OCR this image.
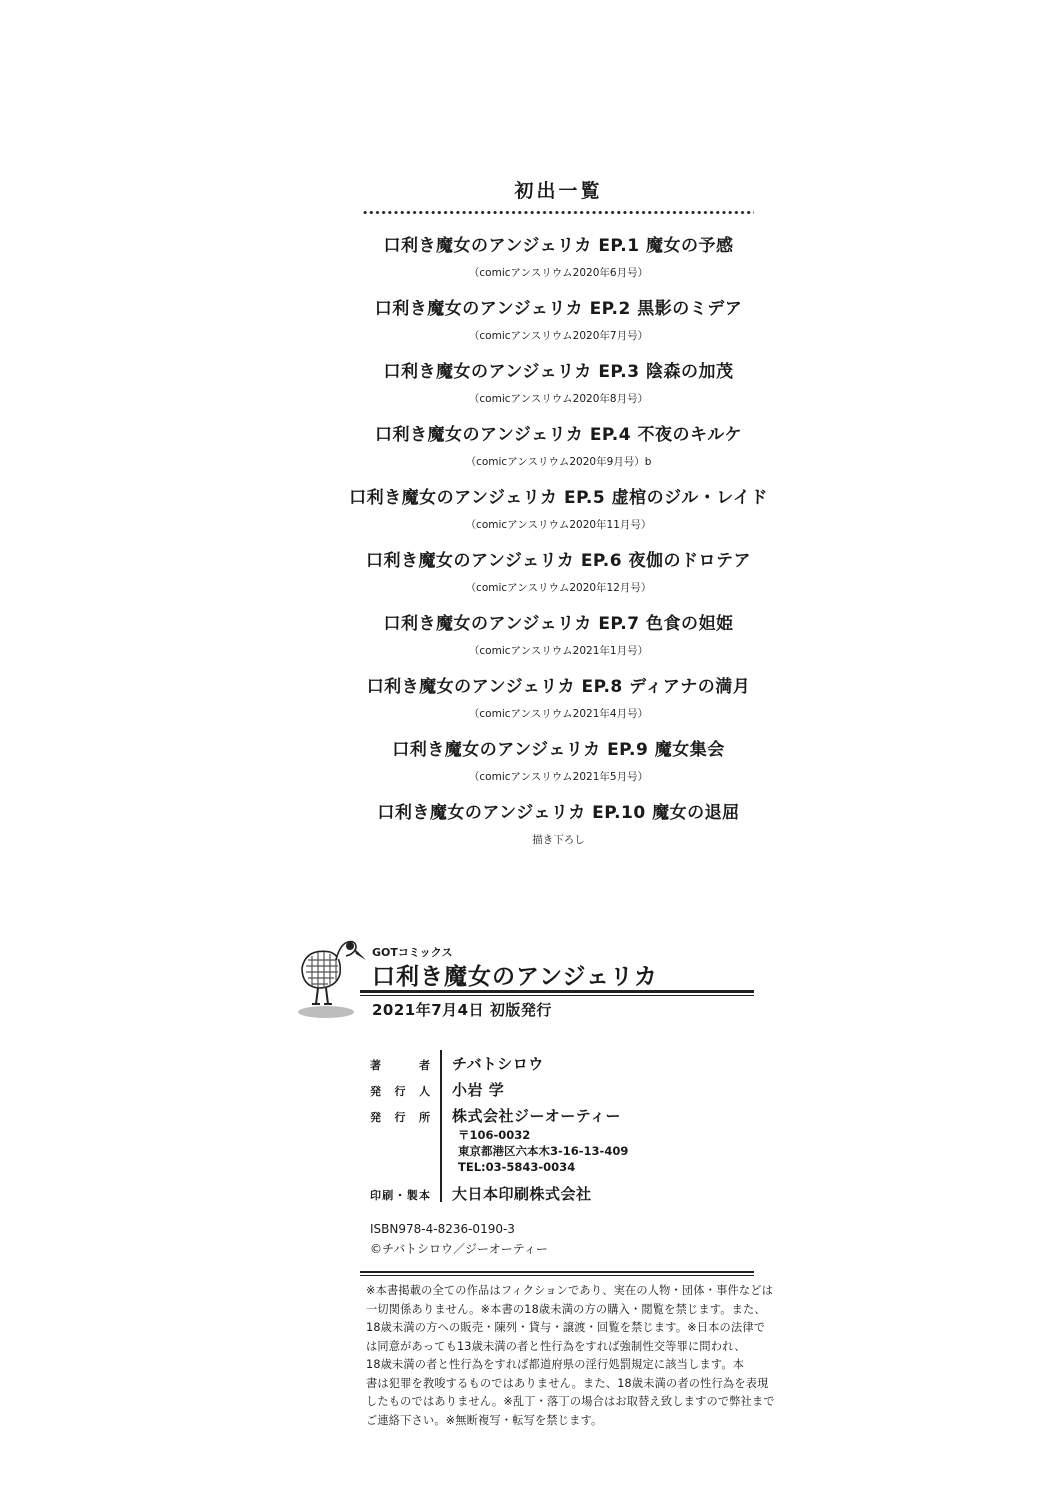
初出一覧
口利き魔女のアンジェリカ EP.1 魔女の予感
（comicアンスリウム2020年6月号）
口利き魔女のアンジェリカ EP.2 黒影のミデア
（comicアンスリウム2020年7月号）
口利き魔女のアンジェリカ EP.3 陰森の加茂
（comicアンスリウム2020年8月号）
口利き魔女のアンジェリカ EP.4 不夜のキルケ
（comicアンスリウム2020年9月号）b
口利き魔女のアンジェリカ EP.5 虚棺のジル・レイド
（comicアンスリウム2020年11月号）
口利き魔女のアンジェリカ EP.6 夜伽のドロテア
（comicアンスリウム2020年12月号）
口利き魔女のアンジェリカ EP.7 色食の妲姫
（comicアンスリウム2021年1月号）
口利き魔女のアンジェリカ EP.8 ディアナの満月
（comicアンスリウム2021年4月号）
口利き魔女のアンジェリカ EP.9 魔女集会
（comicアンスリウム2021年5月号）
口利き魔女のアンジェリカ EP.10 魔女の退屈
描き下ろし
GOTコミックス
口利き魔女のアンジェリカ
2021年7月4日 初版発行
著　者 チバトシロウ
発行人 小岩 学
発行所 株式会社ジーオーティー
〒106-0032
東京都港区六本木3-16-13-409
TEL:03-5843-0034
印刷・製本 大日本印刷株式会社
ISBN978-4-8236-0190-3
©チバトシロウ／ジーオーティー
※本書掲載の全ての作品はフィクションであり、実在の人物・団体・事件などは
一切関係ありません。※本書の18歳未満の方の購入・閲覧を禁じます。また、
18歳未満の方への販売・陳列・貸与・譲渡・回覧を禁じます。※日本の法律で
は同意があっても13歳未満の者と性行為をすれば強制性交等罪に問われ、
18歳未満の者と性行為をすれば都道府県の淫行処罰規定に該当します。本
書は犯罪を教唆するものではありません。また、18歳未満の者の性行為を表現
したものではありません。※乱丁・落丁の場合はお取替え致しますので弊社まで
ご連絡下さい。※無断複写・転写を禁じます。
